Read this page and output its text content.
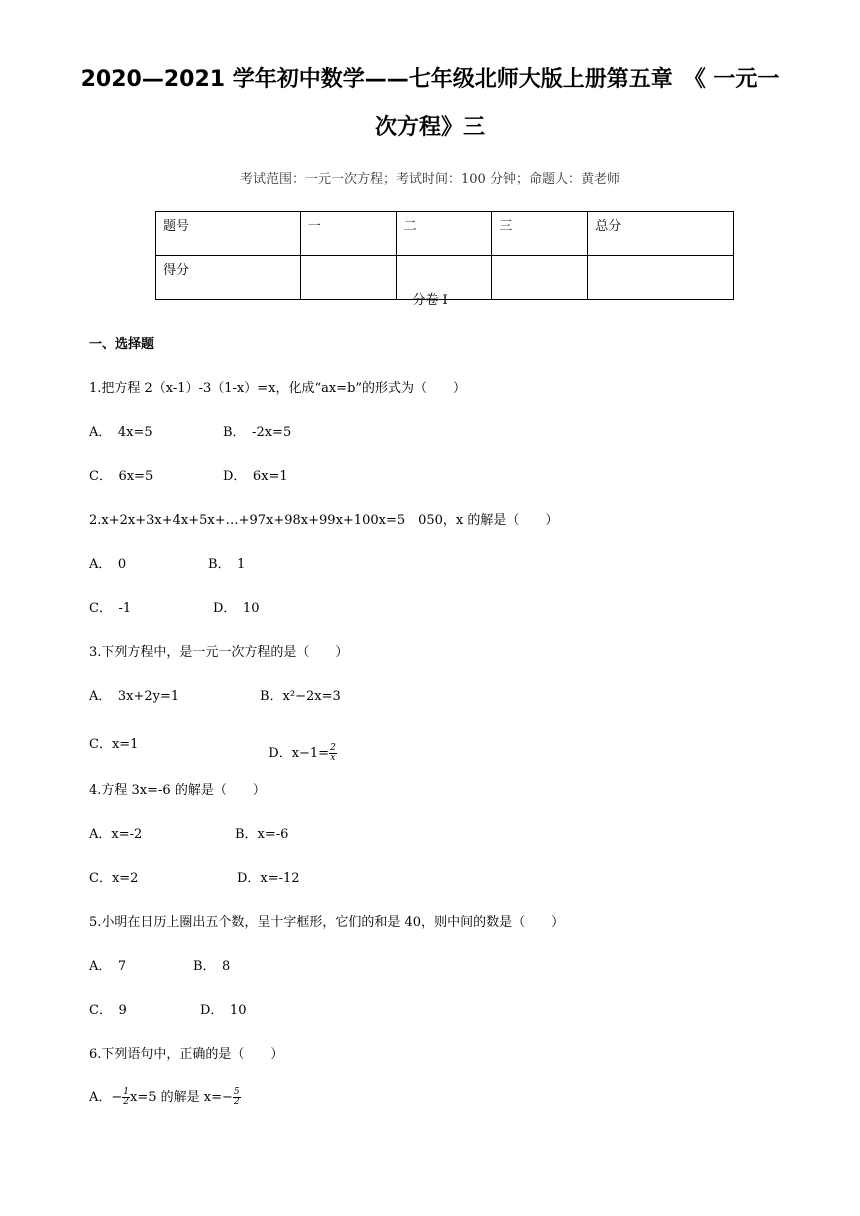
2020—2021 学年初中数学——七年级北师大版上册第五章　《 一元一
次方程》三
考试范围：一元一次方程；考试时间：100 分钟；命题人：黄老师
题号	一	二	三	总分
得分				
分卷 I
一、选择题
1.把方程 2（x-1）-3（1-x）=x，化成“ax=b”的形式为（　　）
A．　4x=5	B．　-2x=5
C．　6x=5	D．　6x=1
2.x+2x+3x+4x+5x+…+97x+98x+99x+100x=5　050，x 的解是（　　）
A．　0	B．　1
C．　-1	D．　10
3.下列方程中，是一元一次方程的是（　　）
A．　3x+2y=1	B．x²−2x=3
C．x=1

D．$x-1= \frac{2}{x}$

4.方程 3x=-6 的解是（　　）
A．x=-2	B．x=-6
C．x=2	D．x=-12
5.小明在日历上圈出五个数，呈十字框形，它们的和是 40，则中间的数是（　　）
A．　7	B．　8
C．　9	D．　10
6.下列语句中，正确的是（　　）
A．− $\frac{1}{2} x=5$ 的解是 $x=- \frac{5}{2}$
